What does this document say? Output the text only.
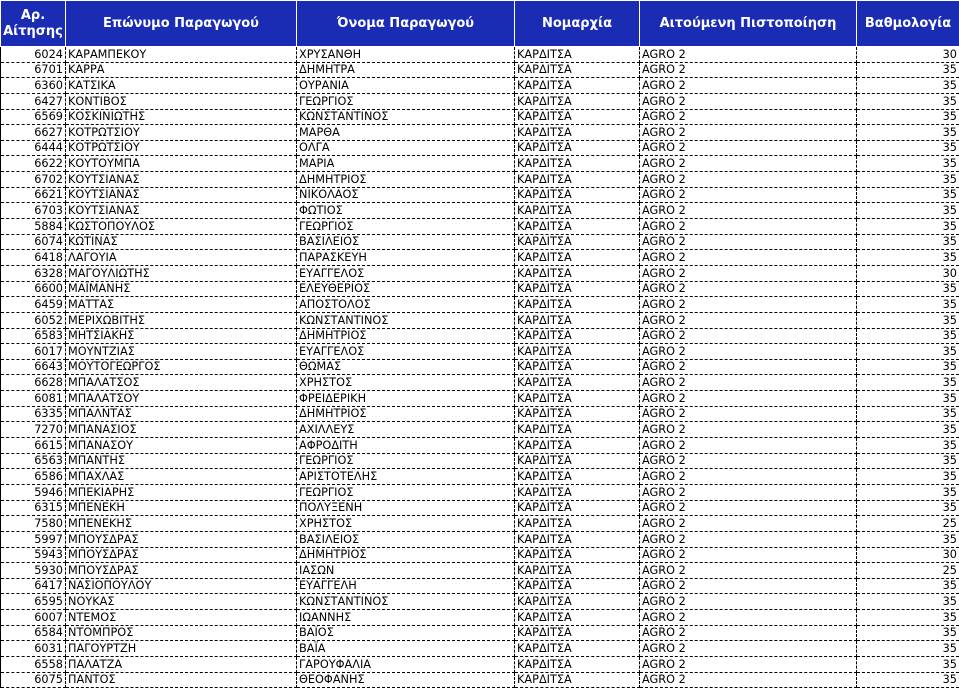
Αρ. Αίτησης	Επώνυμο Παραγωγού	Όνομα Παραγωγού	Νομαρχία	Αιτούμενη Πιστοποίηση	Βαθμολογία
6024	ΚΑΡΑΜΠΕΚΟΥ	ΧΡΥΣΑΝΘΗ	ΚΑΡΔΙΤΣΑ	AGRO 2	30
6701	ΚΑΡΡΑ	ΔΗΜΗΤΡΑ	ΚΑΡΔΙΤΣΑ	AGRO 2	35
6360	ΚΑΤΣΙΚΑ	ΟΥΡΑΝΙΑ	ΚΑΡΔΙΤΣΑ	AGRO 2	35
6427	ΚΟΝΤΙΒΟΣ	ΓΕΩΡΓΙΟΣ	ΚΑΡΔΙΤΣΑ	AGRO 2	35
6569	ΚΟΣΚΙΝΙΩΤΗΣ	ΚΩΝΣΤΑΝΤΙΝΟΣ	ΚΑΡΔΙΤΣΑ	AGRO 2	35
6627	ΚΟΤΡΩΤΣΙΟΥ	ΜΑΡΘΑ	ΚΑΡΔΙΤΣΑ	AGRO 2	35
6444	ΚΟΤΡΩΤΣΙΟΥ	ΟΛΓΑ	ΚΑΡΔΙΤΣΑ	AGRO 2	35
6622	ΚΟΥΤΟΥΜΠΑ	ΜΑΡΙΑ	ΚΑΡΔΙΤΣΑ	AGRO 2	35
6702	ΚΟΥΤΣΙΑΝΑΣ	ΔΗΜΗΤΡΙΟΣ	ΚΑΡΔΙΤΣΑ	AGRO 2	35
6621	ΚΟΥΤΣΙΑΝΑΣ	ΝΙΚΟΛΑΟΣ	ΚΑΡΔΙΤΣΑ	AGRO 2	35
6703	ΚΟΥΤΣΙΑΝΑΣ	ΦΩΤΙΟΣ	ΚΑΡΔΙΤΣΑ	AGRO 2	35
5884	ΚΩΣΤΟΠΟΥΛΟΣ	ΓΕΩΡΓΙΟΣ	ΚΑΡΔΙΤΣΑ	AGRO 2	35
6074	ΚΩΤΙΝΑΣ	ΒΑΣΙΛΕΙΟΣ	ΚΑΡΔΙΤΣΑ	AGRO 2	35
6418	ΛΑΓΟΥΙΑ	ΠΑΡΑΣΚΕΥΗ	ΚΑΡΔΙΤΣΑ	AGRO 2	35
6328	ΜΑΓΟΥΛΙΩΤΗΣ	ΕΥΑΓΓΕΛΟΣ	ΚΑΡΔΙΤΣΑ	AGRO 2	30
6600	ΜΑΪΜΑΝΗΣ	ΕΛΕΥΘΕΡΙΟΣ	ΚΑΡΔΙΤΣΑ	AGRO 2	35
6459	ΜΑΤΤΑΣ	ΑΠΟΣΤΟΛΟΣ	ΚΑΡΔΙΤΣΑ	AGRO 2	35
6052	ΜΕΡΙΧΩΒΙΤΗΣ	ΚΩΝΣΤΑΝΤΙΝΟΣ	ΚΑΡΔΙΤΣΑ	AGRO 2	35
6583	ΜΗΤΣΙΑΚΗΣ	ΔΗΜΗΤΡΙΟΣ	ΚΑΡΔΙΤΣΑ	AGRO 2	35
6017	ΜΟΥΝΤΖΙΑΣ	ΕΥΑΓΓΕΛΟΣ	ΚΑΡΔΙΤΣΑ	AGRO 2	35
6643	ΜΟΥΤΟΓΕΩΡΓΟΣ	ΘΩΜΑΣ	ΚΑΡΔΙΤΣΑ	AGRO 2	35
6628	ΜΠΑΛΑΤΣΟΣ	ΧΡΗΣΤΟΣ	ΚΑΡΔΙΤΣΑ	AGRO 2	35
6081	ΜΠΑΛΑΤΣΟΥ	ΦΡΕΙΔΕΡΙΚΗ	ΚΑΡΔΙΤΣΑ	AGRO 2	35
6335	ΜΠΑΛΝΤΑΣ	ΔΗΜΗΤΡΙΟΣ	ΚΑΡΔΙΤΣΑ	AGRO 2	35
7270	ΜΠΑΝΑΣΙΟΣ	ΑΧΙΛΛΕΥΣ	ΚΑΡΔΙΤΣΑ	AGRO 2	35
6615	ΜΠΑΝΑΣΟΥ	ΑΦΡΟΔΙΤΗ	ΚΑΡΔΙΤΣΑ	AGRO 2	35
6563	ΜΠΑΝΤΗΣ	ΓΕΩΡΓΙΟΣ	ΚΑΡΔΙΤΣΑ	AGRO 2	35
6586	ΜΠΑΧΛΑΣ	ΑΡΙΣΤΟΤΕΛΗΣ	ΚΑΡΔΙΤΣΑ	AGRO 2	35
5946	ΜΠΕΚΙΑΡΗΣ	ΓΕΩΡΓΙΟΣ	ΚΑΡΔΙΤΣΑ	AGRO 2	35
6315	ΜΠΕΝΕΚΗ	ΠΟΛΥΞΕΝΗ	ΚΑΡΔΙΤΣΑ	AGRO 2	35
7580	ΜΠΕΝΕΚΗΣ	ΧΡΗΣΤΟΣ	ΚΑΡΔΙΤΣΑ	AGRO 2	25
5997	ΜΠΟΥΣΔΡΑΣ	ΒΑΣΙΛΕΙΟΣ	ΚΑΡΔΙΤΣΑ	AGRO 2	35
5943	ΜΠΟΥΣΔΡΑΣ	ΔΗΜΗΤΡΙΟΣ	ΚΑΡΔΙΤΣΑ	AGRO 2	30
5930	ΜΠΟΥΣΔΡΑΣ	ΙΑΣΩΝ	ΚΑΡΔΙΤΣΑ	AGRO 2	25
6417	ΝΑΣΙΟΠΟΥΛΟΥ	ΕΥΑΓΓΕΛΗ	ΚΑΡΔΙΤΣΑ	AGRO 2	35
6595	ΝΟΥΚΑΣ	ΚΩΝΣΤΑΝΤΙΝΟΣ	ΚΑΡΔΙΤΣΑ	AGRO 2	35
6007	ΝΤΕΜΟΣ	ΙΩΑΝΝΗΣ	ΚΑΡΔΙΤΣΑ	AGRO 2	35
6584	ΝΤΟΜΠΡΟΣ	ΒΑΪΟΣ	ΚΑΡΔΙΤΣΑ	AGRO 2	35
6031	ΠΑΓΟΥΡΤΖΗ	ΒΑΪΑ	ΚΑΡΔΙΤΣΑ	AGRO 2	35
6558	ΠΑΛΑΤΖΑ	ΓΑΡΟΥΦΑΛΙΑ	ΚΑΡΔΙΤΣΑ	AGRO 2	35
6075	ΠΑΝΤΟΣ	ΘΕΟΦΑΝΗΣ	ΚΑΡΔΙΤΣΑ	AGRO 2	35
